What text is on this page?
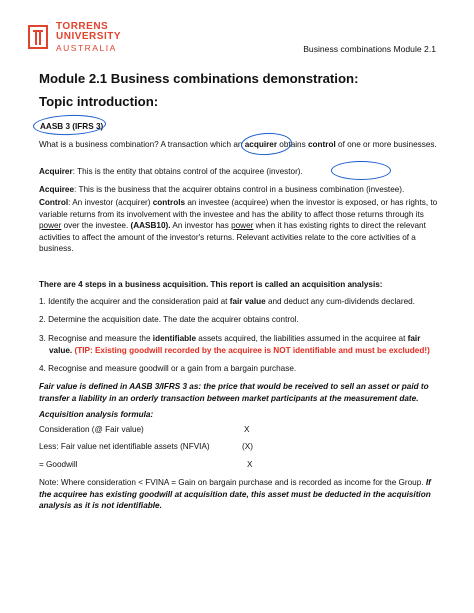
TORRENS
UNIVERSITY
AUSTRALIA	Business combinations Module 2.1
Module 2.1 Business combinations demonstration:
Topic introduction:
AASB 3 (IFRS 3)
What is a business combination? A transaction which an acquirer obtains control of one or more businesses.
Acquirer: This is the entity that obtains control of the acquiree (investor).
Acquiree: This is the business that the acquirer obtains control in a business combination (investee).
Control: An investor (acquirer) controls an investee (acquiree) when the investor is exposed, or has rights, to variable returns from its involvement with the investee and has the ability to affect those returns through its power over the investee. (AASB10). An investor has power when it has existing rights to direct the relevant activities to affect the amount of the investor's returns. Relevant activities relate to the core activities of a business.
There are 4 steps in a business acquisition. This report is called an acquisition analysis:
1. Identify the acquirer and the consideration paid at fair value and deduct any cum-dividends declared.
2. Determine the acquisition date. The date the acquirer obtains control.
3. Recognise and measure the identifiable assets acquired, the liabilities assumed in the acquiree at fair
value. (TIP: Existing goodwill recorded by the acquiree is NOT identifiable and must be excluded!)
4. Recognise and measure goodwill or a gain from a bargain purchase.
Fair value is defined in AASB 3/IFRS 3 as: the price that would be received to sell an asset or paid to transfer a liability in an orderly transaction between market participants at the measurement date.
Acquisition analysis formula:
Consideration (@ Fair value)	X
Less: Fair value net identifiable assets (NFVIA)	(X)
= Goodwill	X
Note: Where consideration < FVINA = Gain on bargain purchase and is recorded as income for the Group. If the acquiree has existing goodwill at acquisition date, this asset must be deducted in the acquisition analysis as it is not identifiable.
